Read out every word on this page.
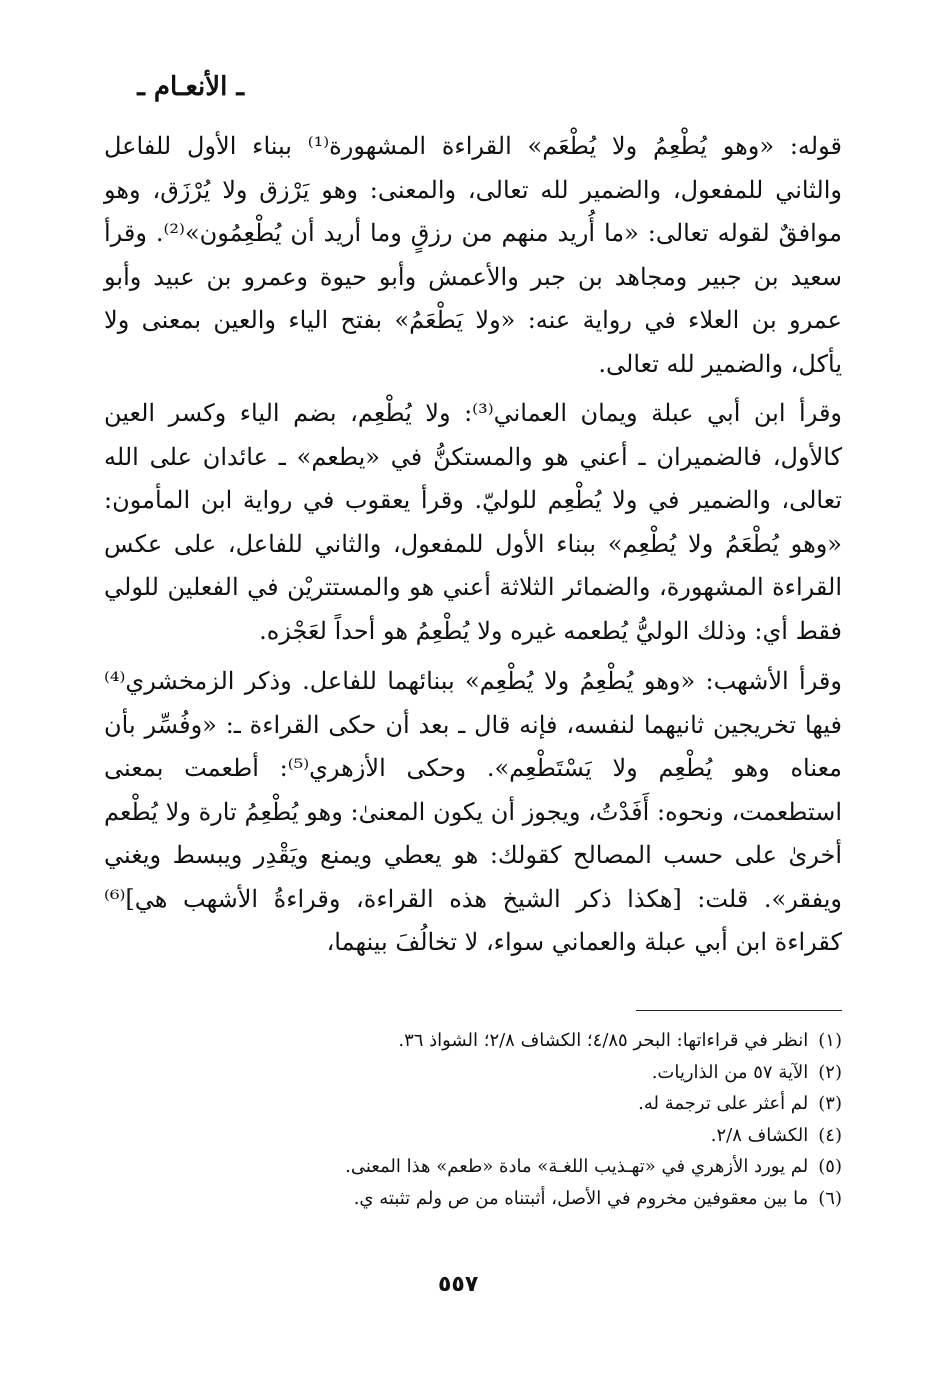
ـ الأنعـام ـ

قوله: «وهو يُطْعِمُ ولا يُطْعَم» القراءة المشهورة⁽¹⁾ ببناء الأول للفاعل والثاني للمفعول، والضمير لله تعالى، والمعنى: وهو يَرْزق ولا يُرْزَق، وهو موافقٌ لقوله تعالى: «ما أُريد منهم من رزقٍ وما أريد أن يُطْعِمُون»⁽²⁾. وقرأ سعيد بن جبير ومجاهد بن جبر والأعمش وأبو حيوة وعمرو بن عبيد وأبو عمرو بن العلاء في رواية عنه: «ولا يَطْعَمُ» بفتح الياء والعين بمعنى ولا يأكل، والضمير لله تعالى.

وقرأ ابن أبي عبلة ويمان العماني⁽³⁾: ولا يُطْعِم، بضم الياء وكسر العين كالأول، فالضميران ـ أعني هو والمستكنُّ في «يطعم» ـ عائدان على الله تعالى، والضمير في ولا يُطْعِم للوليّ. وقرأ يعقوب في رواية ابن المأمون: «وهو يُطْعَمُ ولا يُطْعِم» ببناء الأول للمفعول، والثاني للفاعل، على عكس القراءة المشهورة، والضمائر الثلاثة أعني هو والمستتريْن في الفعلين للولي فقط أي: وذلك الوليُّ يُطعمه غيره ولا يُطْعِمُ هو أحداً لعَجْزه.

وقرأ الأشهب: «وهو يُطْعِمُ ولا يُطْعِم» ببنائهما للفاعل. وذكر الزمخشري⁽⁴⁾ فيها تخريجين ثانيهما لنفسه، فإنه قال ـ بعد أن حكى القراءة ـ: «وفُسِّر بأن معناه وهو يُطْعِم ولا يَسْتَطْعِم». وحكى الأزهري⁽⁵⁾: أطعمت بمعنى استطعمت، ونحوه: أَفَدْتُ، ويجوز أن يكون المعنىٰ: وهو يُطْعِمُ تارة ولا يُطْعم أخرىٰ على حسب المصالح كقولك: هو يعطي ويمنع ويَقْدِر ويبسط ويغني ويفقر». قلت: [هكذا ذكر الشيخ هذه القراءة، وقراءةُ الأشهب هي]⁽⁶⁾ كقراءة ابن أبي عبلة والعماني سواء، لا تخالُفَ بينهما،

(١)انظر في قراءاتها: البحر ٤/٨٥؛ الكشاف ٢/٨؛ الشواذ ٣٦.
(٢)الآية ٥٧ من الذاريات.
(٣)لم أعثر على ترجمة له.
(٤)الكشاف ٢/٨.
(٥)لم يورد الأزهري في «تهـذيب اللغـة» مادة «طعم» هذا المعنى.
(٦)ما بين معقوفين مخروم في الأصل، أثبتناه من ص ولم تثبته ي.
٥٥٧
